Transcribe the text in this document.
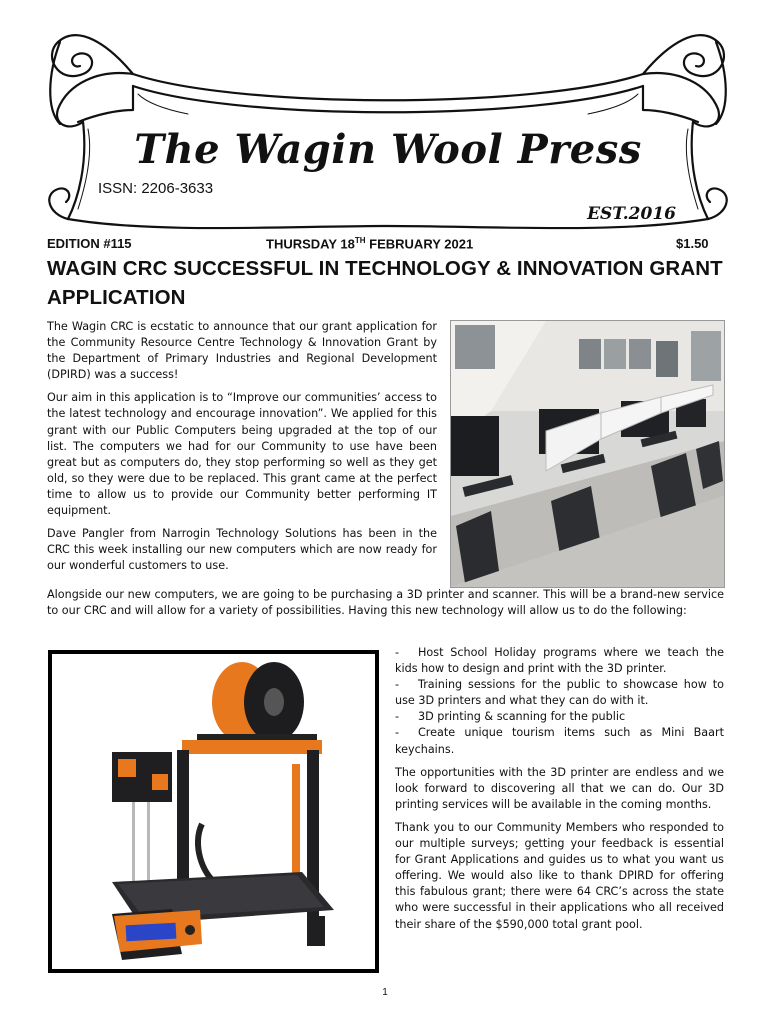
The Wagin Wool Press
ISSN: 2206-3633
EST.2016
EDITION #115	THURSDAY 18TH FEBRUARY 2021	$1.50
WAGIN CRC SUCCESSFUL IN TECHNOLOGY & INNOVATION GRANT APPLICATION

The Wagin CRC is ecstatic to announce that our grant application for the Community Resource Centre Technology & Innovation Grant by the Department of Primary Industries and Regional Development (DPIRD) was a success!

Our aim in this application is to “Improve our communities’ access to the latest technology and encourage innovation”. We applied for this grant with our Public Computers being upgraded at the top of our list. The computers we had for our Community to use have been great but as computers do, they stop performing so well as they get old, so they were due to be replaced. This grant came at the perfect time to allow us to provide our Community better performing IT equipment.

Dave Pangler from Narrogin Technology Solutions has been in the CRC this week installing our new computers which are now ready for our wonderful customers to use.

Alongside our new computers, we are going to be purchasing a 3D printer and scanner. This will be a brand-new service to our CRC and will allow for a variety of possibilities. Having this new technology will allow us to do the following:

- Host School Holiday programs where we teach the kids how to design and print with the 3D printer.

- Training sessions for the public to showcase how to use 3D printers and what they can do with it.

- 3D printing & scanning for the public

- Create unique tourism items such as Mini Baart keychains.

The opportunities with the 3D printer are endless and we look forward to discovering all that we can do. Our 3D printing services will be available in the coming months.

Thank you to our Community Members who responded to our multiple surveys; getting your feedback is essential for Grant Applications and guides us to what you want us offering. We would also like to thank DPIRD for offering this fabulous grant; there were 64 CRC’s across the state who were successful in their applications who all received their share of the $590,000 total grant pool.

1
